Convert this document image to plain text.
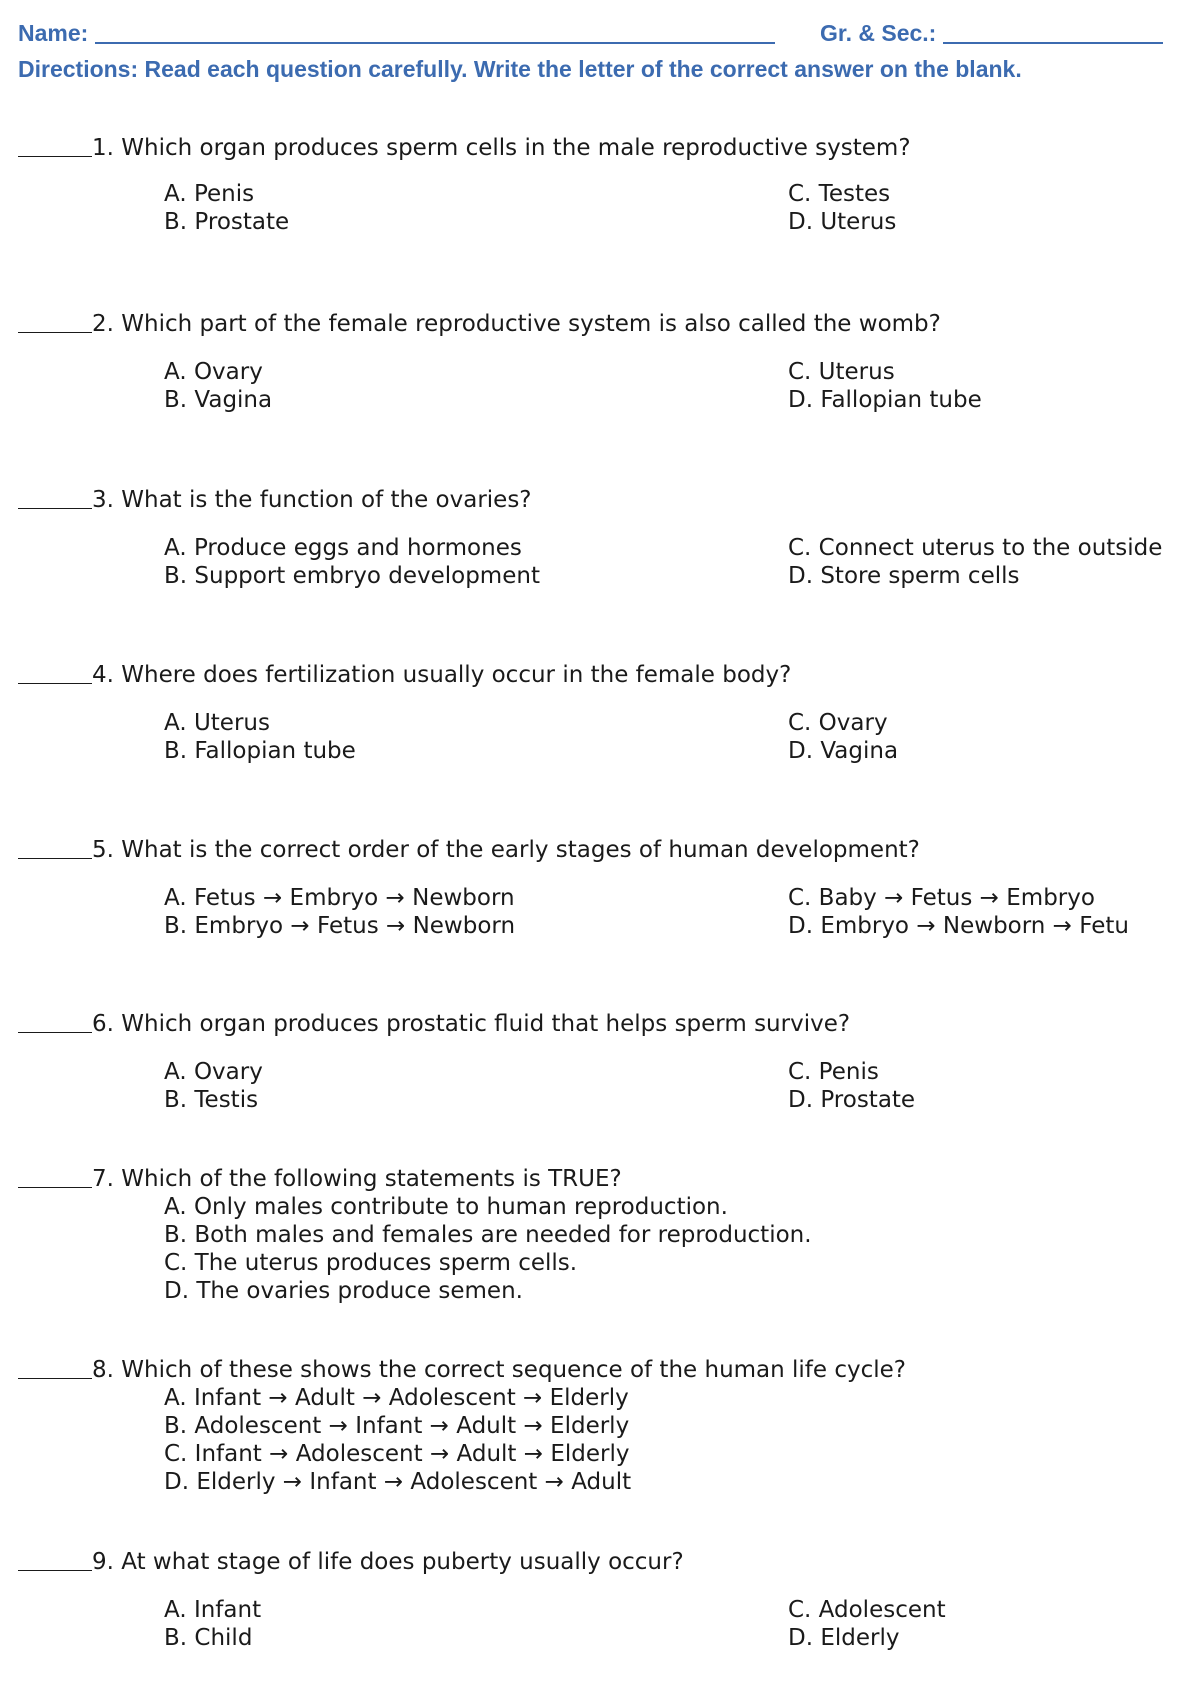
Name:	Gr. & Sec.:
Directions: Read each question carefully. Write the letter of the correct answer on the blank.
1. Which organ produces sperm cells in the male reproductive system?
A. Penis
B. Prostate
C. Testes
D. Uterus
2. Which part of the female reproductive system is also called the womb?
A. Ovary
B. Vagina
C. Uterus
D. Fallopian tube
3. What is the function of the ovaries?
A. Produce eggs and hormones
B. Support embryo development
C. Connect uterus to the outside
D. Store sperm cells
4. Where does fertilization usually occur in the female body?
A. Uterus
B. Fallopian tube
C. Ovary
D. Vagina
5. What is the correct order of the early stages of human development?
A. Fetus → Embryo → Newborn
B. Embryo → Fetus → Newborn
C. Baby → Fetus → Embryo
D. Embryo → Newborn → Fetu
6. Which organ produces prostatic fluid that helps sperm survive?
A. Ovary
B. Testis
C. Penis
D. Prostate
7. Which of the following statements is TRUE?
A. Only males contribute to human reproduction.
B. Both males and females are needed for reproduction.
C. The uterus produces sperm cells.
D. The ovaries produce semen.
8. Which of these shows the correct sequence of the human life cycle?
A. Infant → Adult → Adolescent → Elderly
B. Adolescent → Infant → Adult → Elderly
C. Infant → Adolescent → Adult → Elderly
D. Elderly → Infant → Adolescent → Adult
9. At what stage of life does puberty usually occur?
A. Infant
B. Child
C. Adolescent
D. Elderly
